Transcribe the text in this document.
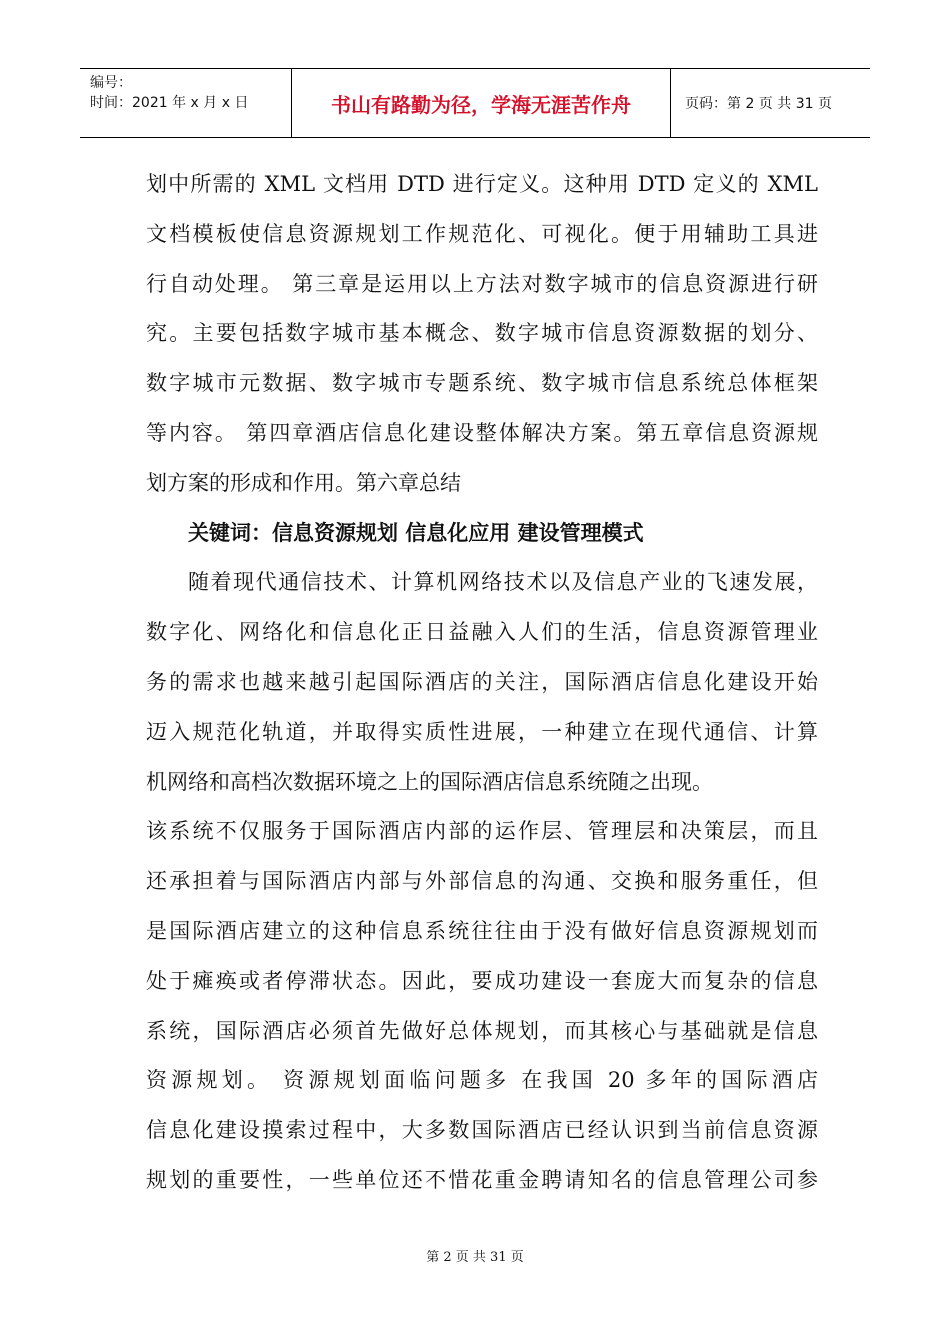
编号：
时间：2021 年 x 月 x 日	书山有路勤为径，学海无涯苦作舟	页码：第 2 页 共 31 页
划中所需的 XML 文档用 DTD 进行定义。这种用 DTD 定义的 XML
文档模板使信息资源规划工作规范化、可视化。便于用辅助工具进
行自动处理。 第三章是运用以上方法对数字城市的信息资源进行研
究。主要包括数字城市基本概念、数字城市信息资源数据的划分、
数字城市元数据、数字城市专题系统、数字城市信息系统总体框架
等内容。 第四章酒店信息化建设整体解决方案。第五章信息资源规
划方案的形成和作用。第六章总结
关键词：信息资源规划 信息化应用 建设管理模式
随着现代通信技术、计算机网络技术以及信息产业的飞速发展，
数字化、网络化和信息化正日益融入人们的生活，信息资源管理业
务的需求也越来越引起国际酒店的关注，国际酒店信息化建设开始
迈入规范化轨道，并取得实质性进展，一种建立在现代通信、计算
机网络和高档次数据环境之上的国际酒店信息系统随之出现。
该系统不仅服务于国际酒店内部的运作层、管理层和决策层，而且
还承担着与国际酒店内部与外部信息的沟通、交换和服务重任，但
是国际酒店建立的这种信息系统往往由于没有做好信息资源规划而
处于瘫痪或者停滞状态。因此，要成功建设一套庞大而复杂的信息
系统，国际酒店必须首先做好总体规划，而其核心与基础就是信息
资源规划。 资源规划面临问题多 在我国 20 多年的国际酒店
信息化建设摸索过程中，大多数国际酒店已经认识到当前信息资源
规划的重要性，一些单位还不惜花重金聘请知名的信息管理公司参
第 2 页 共 31 页
